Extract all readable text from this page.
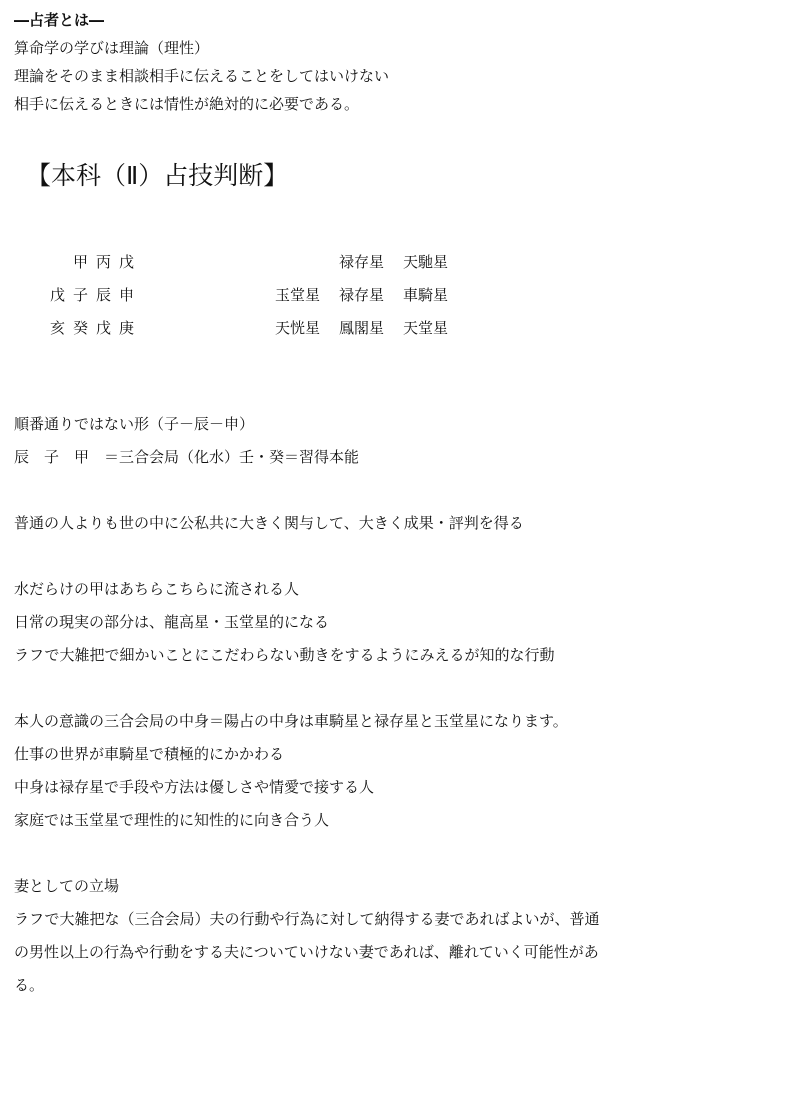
―占者とは―
算命学の学びは理論（理性）
理論をそのまま相談相手に伝えることをしてはいけない
相手に伝えるときには情性が絶対的に必要である。
【本科（Ⅱ）占技判断】
甲 丙 戊
戊 子 辰 申
亥 癸 戊 庚
禄存星 天馳星
玉堂星 禄存星 車騎星
天恍星 鳳閣星 天堂星
順番通りではない形（子－辰－申）
辰　子　甲　＝三合会局（化水）壬・癸＝習得本能
普通の人よりも世の中に公私共に大きく関与して、大きく成果・評判を得る
水だらけの甲はあちらこちらに流される人
日常の現実の部分は、龍高星・玉堂星的になる
ラフで大雑把で細かいことにこだわらない動きをするようにみえるが知的な行動
本人の意識の三合会局の中身＝陽占の中身は車騎星と禄存星と玉堂星になります。
仕事の世界が車騎星で積極的にかかわる
中身は禄存星で手段や方法は優しさや情愛で接する人
家庭では玉堂星で理性的に知性的に向き合う人
妻としての立場
ラフで大雑把な（三合会局）夫の行動や行為に対して納得する妻であればよいが、普通
の男性以上の行為や行動をする夫についていけない妻であれば、離れていく可能性があ
る。
